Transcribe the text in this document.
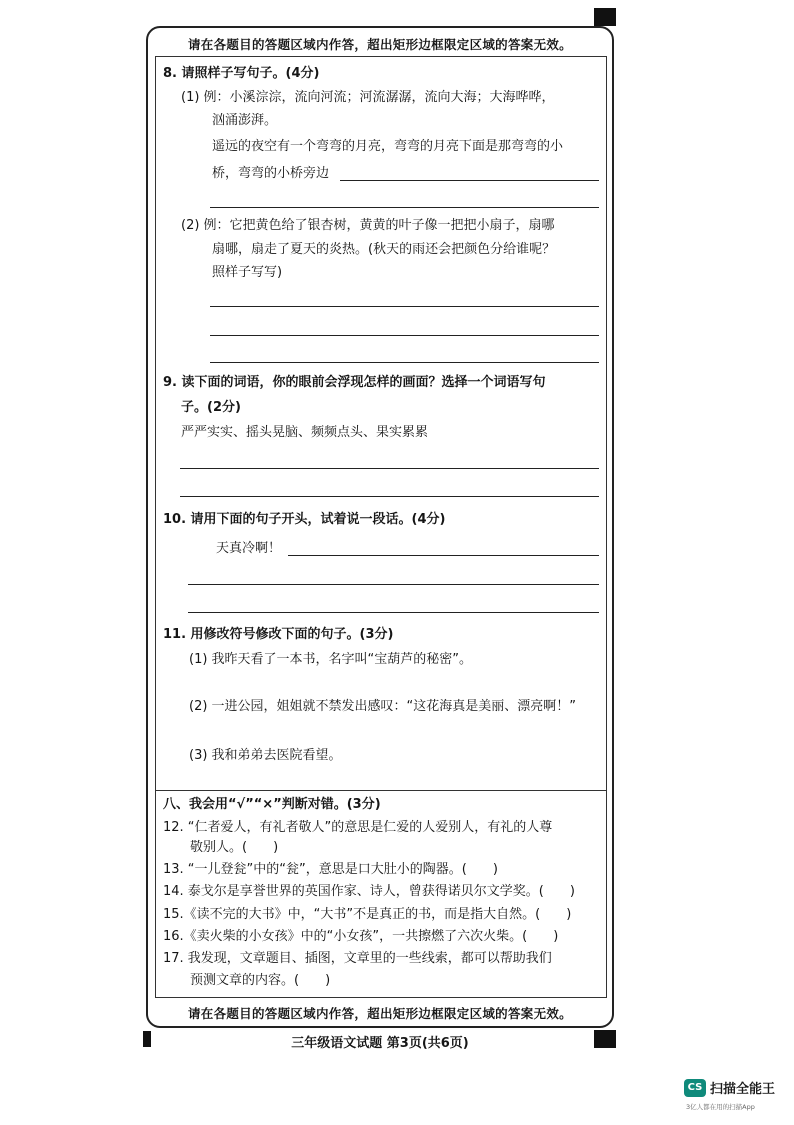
请在各题目的答题区域内作答，超出矩形边框限定区域的答案无效。
8. 请照样子写句子。(4分)
(1) 例：小溪淙淙，流向河流；河流潺潺，流向大海；大海哗哗，
汹涌澎湃。
遥远的夜空有一个弯弯的月亮，弯弯的月亮下面是那弯弯的小
桥，弯弯的小桥旁边
(2) 例：它把黄色给了银杏树，黄黄的叶子像一把把小扇子，扇哪
扇哪，扇走了夏天的炎热。(秋天的雨还会把颜色分给谁呢？
照样子写写)
9. 读下面的词语，你的眼前会浮现怎样的画面？选择一个词语写句
子。(2分)
严严实实、摇头晃脑、频频点头、果实累累
10. 请用下面的句子开头，试着说一段话。(4分)
天真冷啊！
11. 用修改符号修改下面的句子。(3分)
(1) 我昨天看了一本书，名字叫“宝葫芦的秘密”。
(2) 一进公园，姐姐就不禁发出感叹：“这花海真是美丽、漂亮啊！”
(3) 我和弟弟去医院看望。
八、我会用“√”“×”判断对错。(3分)
12. “仁者爱人，有礼者敬人”的意思是仁爱的人爱别人，有礼的人尊
敬别人。(　　)
13. “一儿登瓮”中的“瓮”，意思是口大肚小的陶器。(　　)
14. 泰戈尔是享誉世界的英国作家、诗人，曾获得诺贝尔文学奖。(　　)
15.《读不完的大书》中，“大书”不是真正的书，而是指大自然。(　　)
16.《卖火柴的小女孩》中的“小女孩”，一共擦燃了六次火柴。(　　)
17. 我发现，文章题目、插图，文章里的一些线索，都可以帮助我们
预测文章的内容。(　　)
请在各题目的答题区域内作答，超出矩形边框限定区域的答案无效。
三年级语文试题 第3页(共6页)
CS 扫描全能王
3亿人都在用的扫描App
